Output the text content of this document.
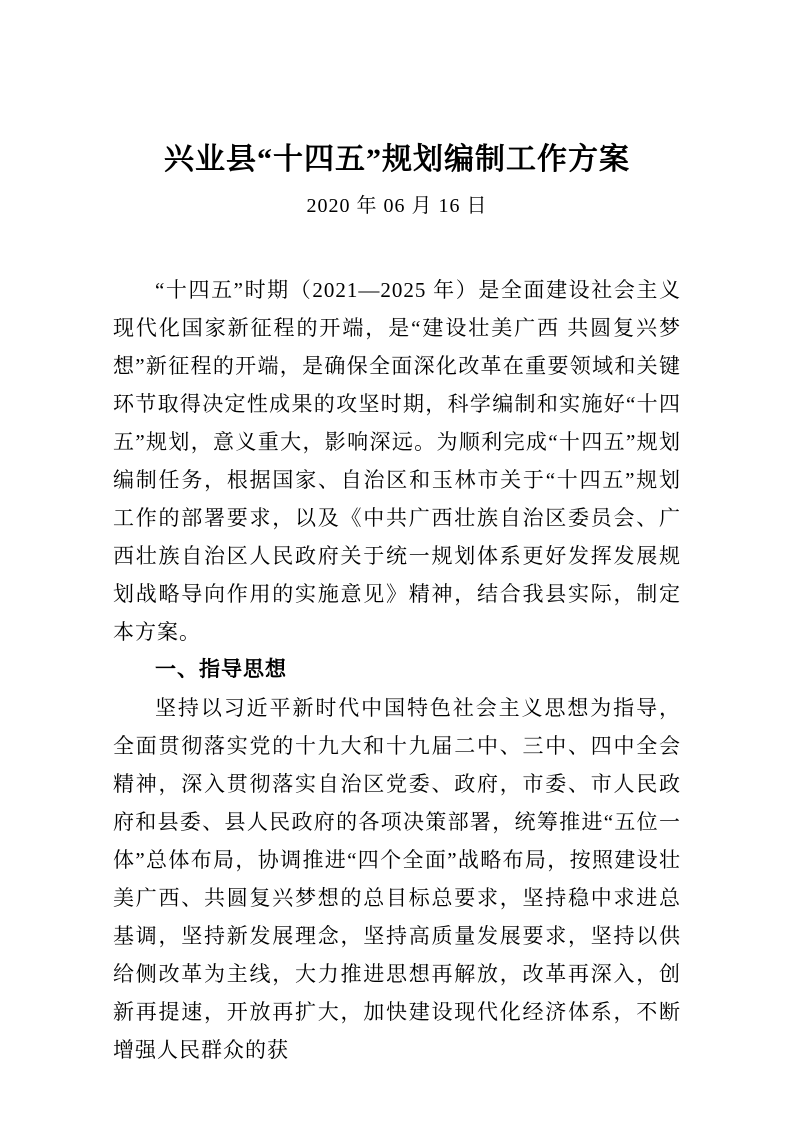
兴业县“十四五”规划编制工作方案
2020 年 06 月 16 日

“十四五”时期（2021—2025 年）是全面建设社会主义现代化国家新征程的开端，是“建设壮美广西 共圆复兴梦想”新征程的开端，是确保全面深化改革在重要领域和关键环节取得决定性成果的攻坚时期，科学编制和实施好“十四五”规划，意义重大，影响深远。为顺利完成“十四五”规划编制任务，根据国家、自治区和玉林市关于“十四五”规划工作的部署要求，以及《中共广西壮族自治区委员会、广西壮族自治区人民政府关于统一规划体系更好发挥发展规划战略导向作用的实施意见》精神，结合我县实际，制定本方案。

一、指导思想

坚持以习近平新时代中国特色社会主义思想为指导，全面贯彻落实党的十九大和十九届二中、三中、四中全会精神，深入贯彻落实自治区党委、政府，市委、市人民政府和县委、县人民政府的各项决策部署，统筹推进“五位一体”总体布局，协调推进“四个全面”战略布局，按照建设壮美广西、共圆复兴梦想的总目标总要求，坚持稳中求进总基调，坚持新发展理念，坚持高质量发展要求，坚持以供给侧改革为主线，大力推进思想再解放，改革再深入，创新再提速，开放再扩大，加快建设现代化经济体系，不断增强人民群众的获
